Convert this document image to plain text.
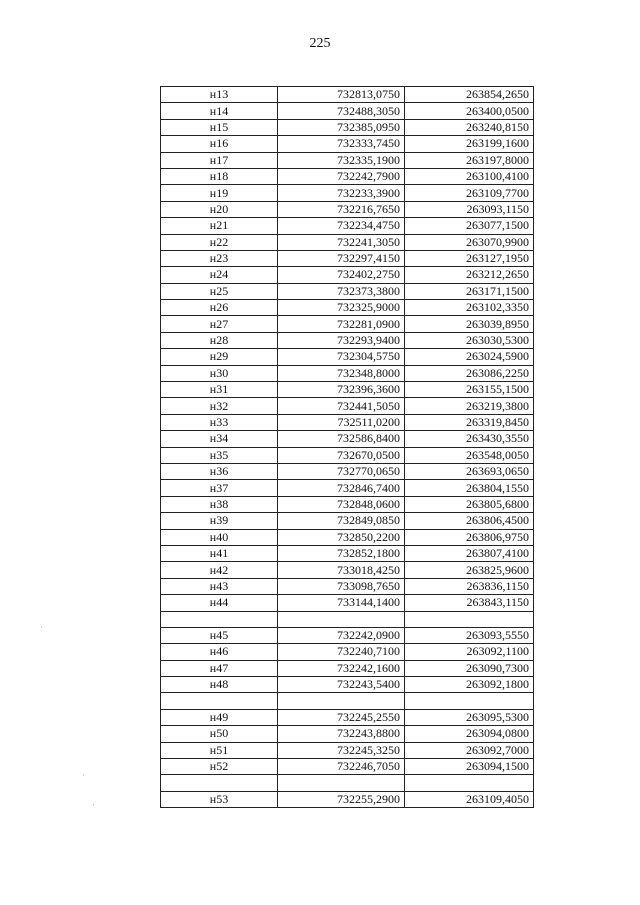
225
н13	732813,0750	263854,2650
н14	732488,3050	263400,0500
н15	732385,0950	263240,8150
н16	732333,7450	263199,1600
н17	732335,1900	263197,8000
н18	732242,7900	263100,4100
н19	732233,3900	263109,7700
н20	732216,7650	263093,1150
н21	732234,4750	263077,1500
н22	732241,3050	263070,9900
н23	732297,4150	263127,1950
н24	732402,2750	263212,2650
н25	732373,3800	263171,1500
н26	732325,9000	263102,3350
н27	732281,0900	263039,8950
н28	732293,9400	263030,5300
н29	732304,5750	263024,5900
н30	732348,8000	263086,2250
н31	732396,3600	263155,1500
н32	732441,5050	263219,3800
н33	732511,0200	263319,8450
н34	732586,8400	263430,3550
н35	732670,0500	263548,0050
н36	732770,0650	263693,0650
н37	732846,7400	263804,1550
н38	732848,0600	263805,6800
н39	732849,0850	263806,4500
н40	732850,2200	263806,9750
н41	732852,1800	263807,4100
н42	733018,4250	263825,9600
н43	733098,7650	263836,1150
н44	733144,1400	263843,1150

н45	732242,0900	263093,5550
н46	732240,7100	263092,1100
н47	732242,1600	263090,7300
н48	732243,5400	263092,1800

н49	732245,2550	263095,5300
н50	732243,8800	263094,0800
н51	732245,3250	263092,7000
н52	732246,7050	263094,1500

н53	732255,2900	263109,4050
·
ˌ
·
